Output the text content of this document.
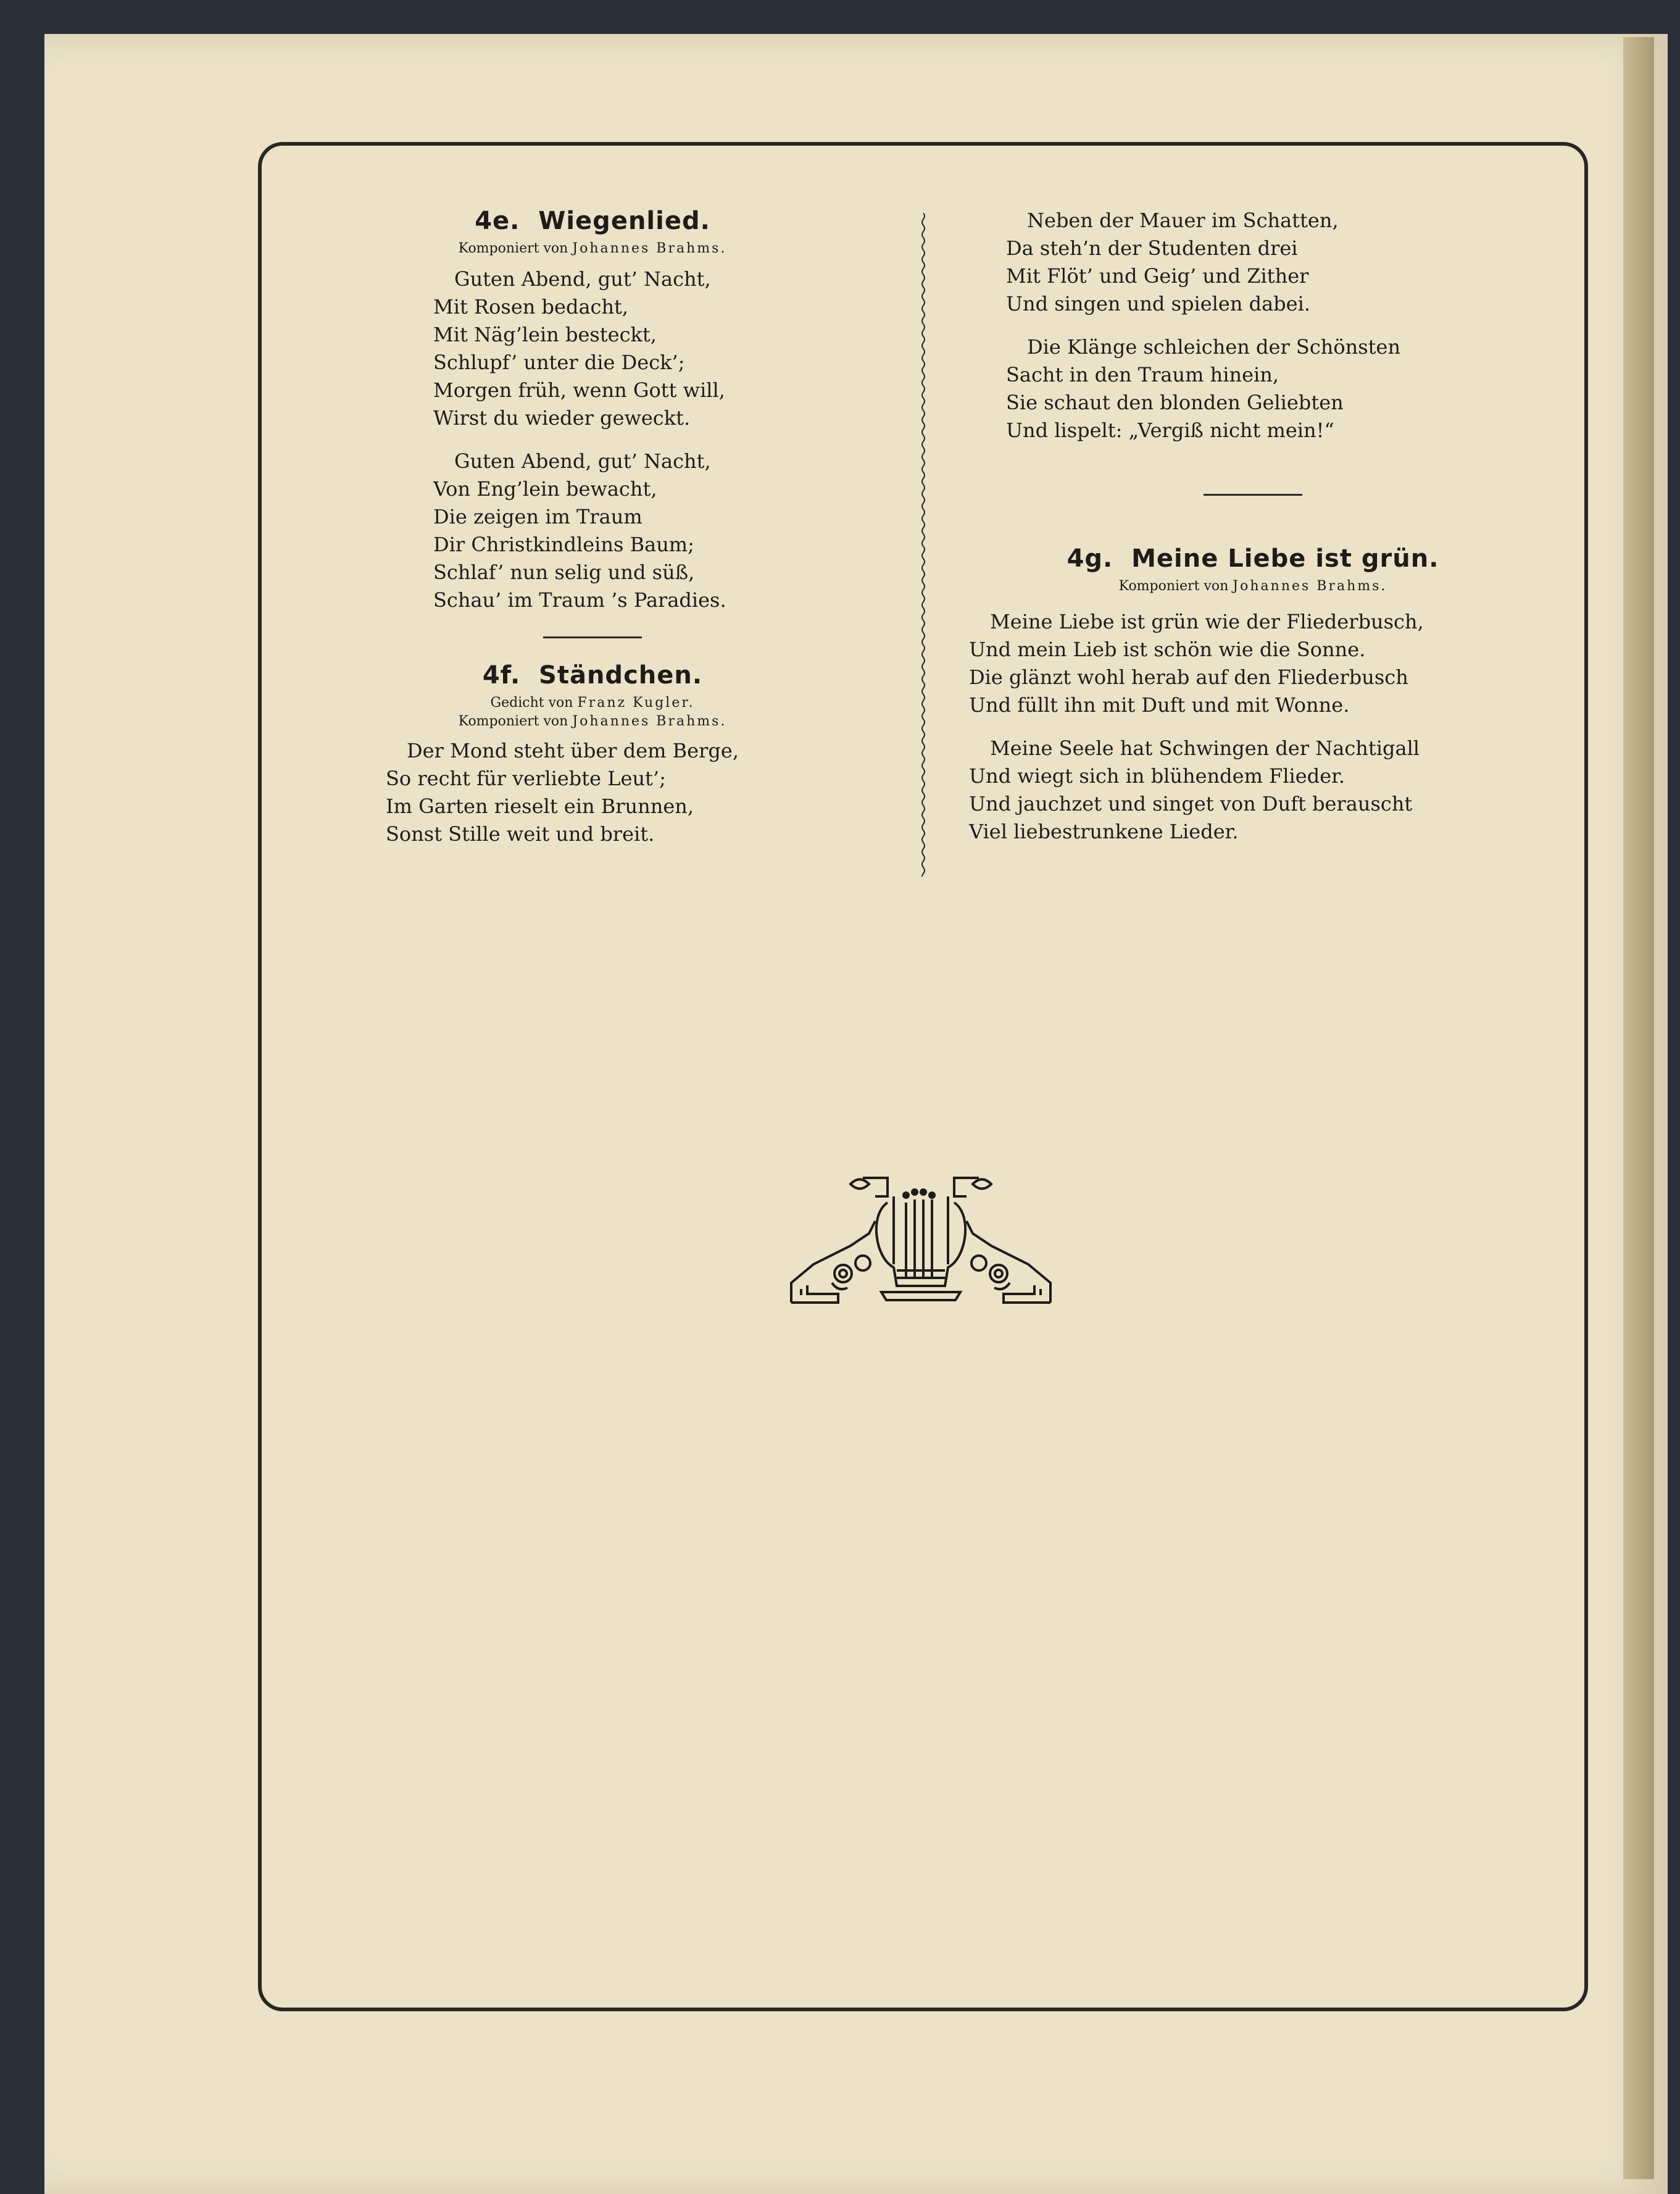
4e. Wiegenlied.

Komponiert von Johannes Brahms.

Guten Abend, gut’ Nacht,
Mit Rosen bedacht,
Mit Näg’lein besteckt,
Schlupf’ unter die Deck’;
Morgen früh, wenn Gott will,
Wirst du wieder geweckt.
Guten Abend, gut’ Nacht,
Von Eng’lein bewacht,
Die zeigen im Traum
Dir Christkindleins Baum;
Schlaf’ nun selig und süß,
Schau’ im Traum ’s Paradies.
4f. Ständchen.

Gedicht von Franz Kugler.

Komponiert von Johannes Brahms.

Der Mond steht über dem Berge,
So recht für verliebte Leut’;
Im Garten rieselt ein Brunnen,
Sonst Stille weit und breit.
Neben der Mauer im Schatten,
Da steh’n der Studenten drei
Mit Flöt’ und Geig’ und Zither
Und singen und spielen dabei.
Die Klänge schleichen der Schönsten
Sacht in den Traum hinein,
Sie schaut den blonden Geliebten
Und lispelt: „Vergiß nicht mein!“
4g. Meine Liebe ist grün.

Komponiert von Johannes Brahms.

Meine Liebe ist grün wie der Fliederbusch,
Und mein Lieb ist schön wie die Sonne.
Die glänzt wohl herab auf den Fliederbusch
Und füllt ihn mit Duft und mit Wonne.
Meine Seele hat Schwingen der Nachtigall
Und wiegt sich in blühendem Flieder.
Und jauchzet und singet von Duft berauscht
Viel liebestrunkene Lieder.
